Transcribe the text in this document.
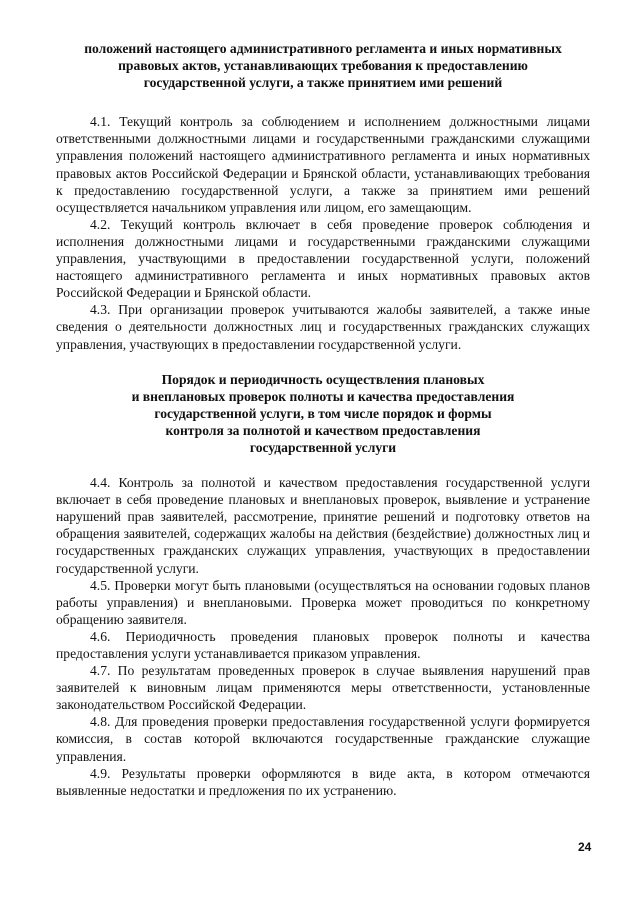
положений настоящего административного регламента и иных нормативных
правовых актов, устанавливающих требования к предоставлению
государственной услуги, а также принятием ими решений

4.1. Текущий контроль за соблюдением и исполнением должностными лицами ответственными должностными лицами и государственными гражданскими служащими управления положений настоящего административного регламента и иных нормативных правовых актов Российской Федерации и Брянской области, устанавливающих требования к предоставлению государственной услуги, а также за принятием ими решений осуществляется начальником управления или лицом, его замещающим.

4.2. Текущий контроль включает в себя проведение проверок соблюдения и исполнения должностными лицами и государственными гражданскими служащими управления, участвующими в предоставлении государственной услуги, положений настоящего административного регламента и иных нормативных правовых актов Российской Федерации и Брянской области.

4.3. При организации проверок учитываются жалобы заявителей, а также иные сведения о деятельности должностных лиц и государственных гражданских служащих управления, участвующих в предоставлении государственной услуги.

Порядок и периодичность осуществления плановых
и внеплановых проверок полноты и качества предоставления
государственной услуги, в том числе порядок и формы
контроля за полнотой и качеством предоставления
государственной услуги

4.4. Контроль за полнотой и качеством предоставления государственной услуги включает в себя проведение плановых и внеплановых проверок, выявление и устранение нарушений прав заявителей, рассмотрение, принятие решений и подготовку ответов на обращения заявителей, содержащих жалобы на действия (бездействие) должностных лиц и государственных гражданских служащих управления, участвующих в предоставлении государственной услуги.

4.5. Проверки могут быть плановыми (осуществляться на основании годовых планов работы управления) и внеплановыми. Проверка может проводиться по конкретному обращению заявителя.

4.6. Периодичность проведения плановых проверок полноты и качества предоставления услуги устанавливается приказом управления.

4.7. По результатам проведенных проверок в случае выявления нарушений прав заявителей к виновным лицам применяются меры ответственности, установленные законодательством Российской Федерации.

4.8. Для проведения проверки предоставления государственной услуги формируется комиссия, в состав которой включаются государственные гражданские служащие управления.

4.9. Результаты проверки оформляются в виде акта, в котором отмечаются выявленные недостатки и предложения по их устранению.

24
